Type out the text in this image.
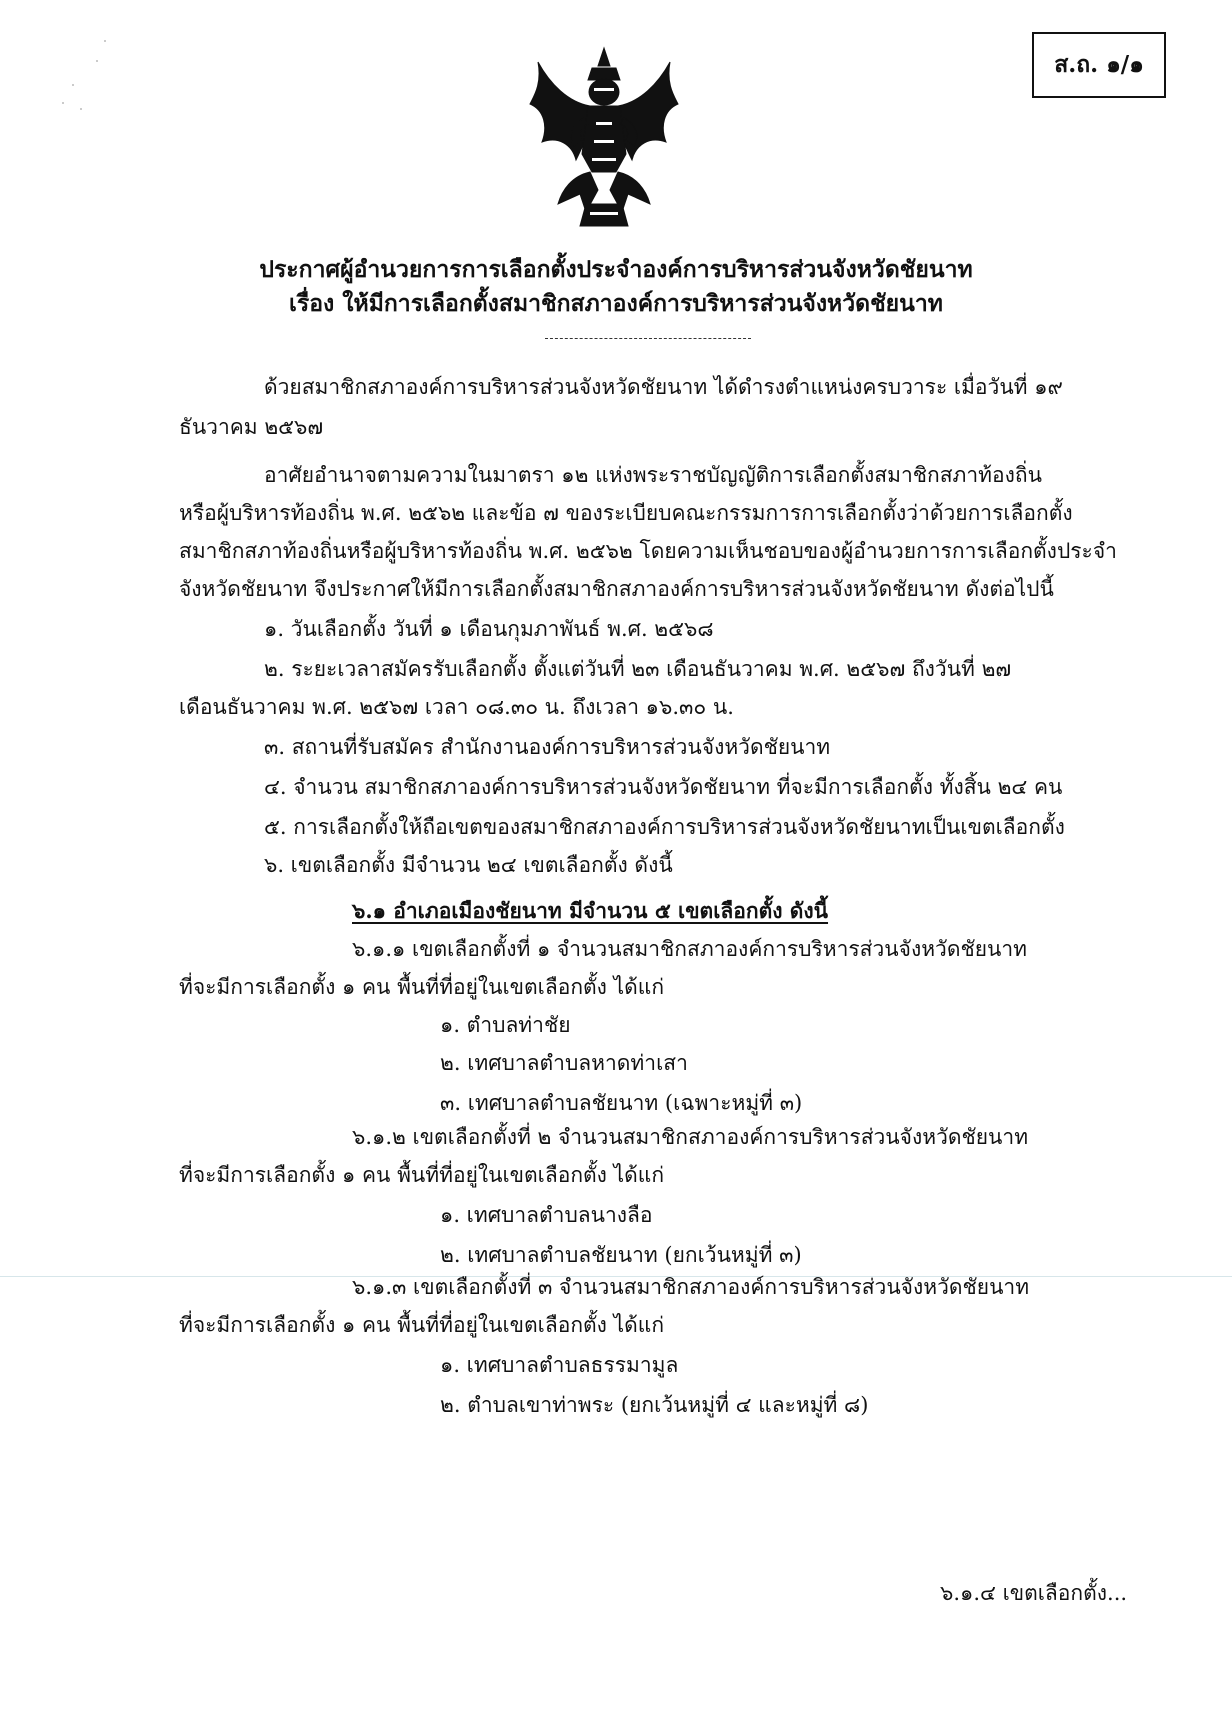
ส.ถ. ๑/๑
ประกาศผู้อำนวยการการเลือกตั้งประจำองค์การบริหารส่วนจังหวัดชัยนาท
เรื่อง ให้มีการเลือกตั้งสมาชิกสภาองค์การบริหารส่วนจังหวัดชัยนาท
ด้วยสมาชิกสภาองค์การบริหารส่วนจังหวัดชัยนาท ได้ดำรงตำแหน่งครบวาระ เมื่อวันที่ ๑๙
ธันวาคม ๒๕๖๗
อาศัยอำนาจตามความในมาตรา ๑๒ แห่งพระราชบัญญัติการเลือกตั้งสมาชิกสภาท้องถิ่น
หรือผู้บริหารท้องถิ่น พ.ศ. ๒๕๖๒ และข้อ ๗ ของระเบียบคณะกรรมการการเลือกตั้งว่าด้วยการเลือกตั้ง
สมาชิกสภาท้องถิ่นหรือผู้บริหารท้องถิ่น พ.ศ. ๒๕๖๒ โดยความเห็นชอบของผู้อำนวยการการเลือกตั้งประจำ
จังหวัดชัยนาท จึงประกาศให้มีการเลือกตั้งสมาชิกสภาองค์การบริหารส่วนจังหวัดชัยนาท ดังต่อไปนี้
๑. วันเลือกตั้ง วันที่ ๑ เดือนกุมภาพันธ์ พ.ศ. ๒๕๖๘
๒. ระยะเวลาสมัครรับเลือกตั้ง ตั้งแต่วันที่ ๒๓ เดือนธันวาคม พ.ศ. ๒๕๖๗ ถึงวันที่ ๒๗
เดือนธันวาคม พ.ศ. ๒๕๖๗ เวลา ๐๘.๓๐ น. ถึงเวลา ๑๖.๓๐ น.
๓. สถานที่รับสมัคร สำนักงานองค์การบริหารส่วนจังหวัดชัยนาท
๔. จำนวน สมาชิกสภาองค์การบริหารส่วนจังหวัดชัยนาท ที่จะมีการเลือกตั้ง ทั้งสิ้น ๒๔ คน
๕. การเลือกตั้งให้ถือเขตของสมาชิกสภาองค์การบริหารส่วนจังหวัดชัยนาทเป็นเขตเลือกตั้ง
๖. เขตเลือกตั้ง มีจำนวน ๒๔ เขตเลือกตั้ง ดังนี้
๖.๑ อำเภอเมืองชัยนาท มีจำนวน ๕ เขตเลือกตั้ง ดังนี้
๖.๑.๑ เขตเลือกตั้งที่ ๑ จำนวนสมาชิกสภาองค์การบริหารส่วนจังหวัดชัยนาท
ที่จะมีการเลือกตั้ง ๑ คน พื้นที่ที่อยู่ในเขตเลือกตั้ง ได้แก่
๑. ตำบลท่าชัย
๒. เทศบาลตำบลหาดท่าเสา
๓. เทศบาลตำบลชัยนาท (เฉพาะหมู่ที่ ๓)
๖.๑.๒ เขตเลือกตั้งที่ ๒ จำนวนสมาชิกสภาองค์การบริหารส่วนจังหวัดชัยนาท
ที่จะมีการเลือกตั้ง ๑ คน พื้นที่ที่อยู่ในเขตเลือกตั้ง ได้แก่
๑. เทศบาลตำบลนางลือ
๒. เทศบาลตำบลชัยนาท (ยกเว้นหมู่ที่ ๓)
๖.๑.๓ เขตเลือกตั้งที่ ๓ จำนวนสมาชิกสภาองค์การบริหารส่วนจังหวัดชัยนาท
ที่จะมีการเลือกตั้ง ๑ คน พื้นที่ที่อยู่ในเขตเลือกตั้ง ได้แก่
๑. เทศบาลตำบลธรรมามูล
๒. ตำบลเขาท่าพระ (ยกเว้นหมู่ที่ ๔ และหมู่ที่ ๘)
๖.๑.๔ เขตเลือกตั้ง...
